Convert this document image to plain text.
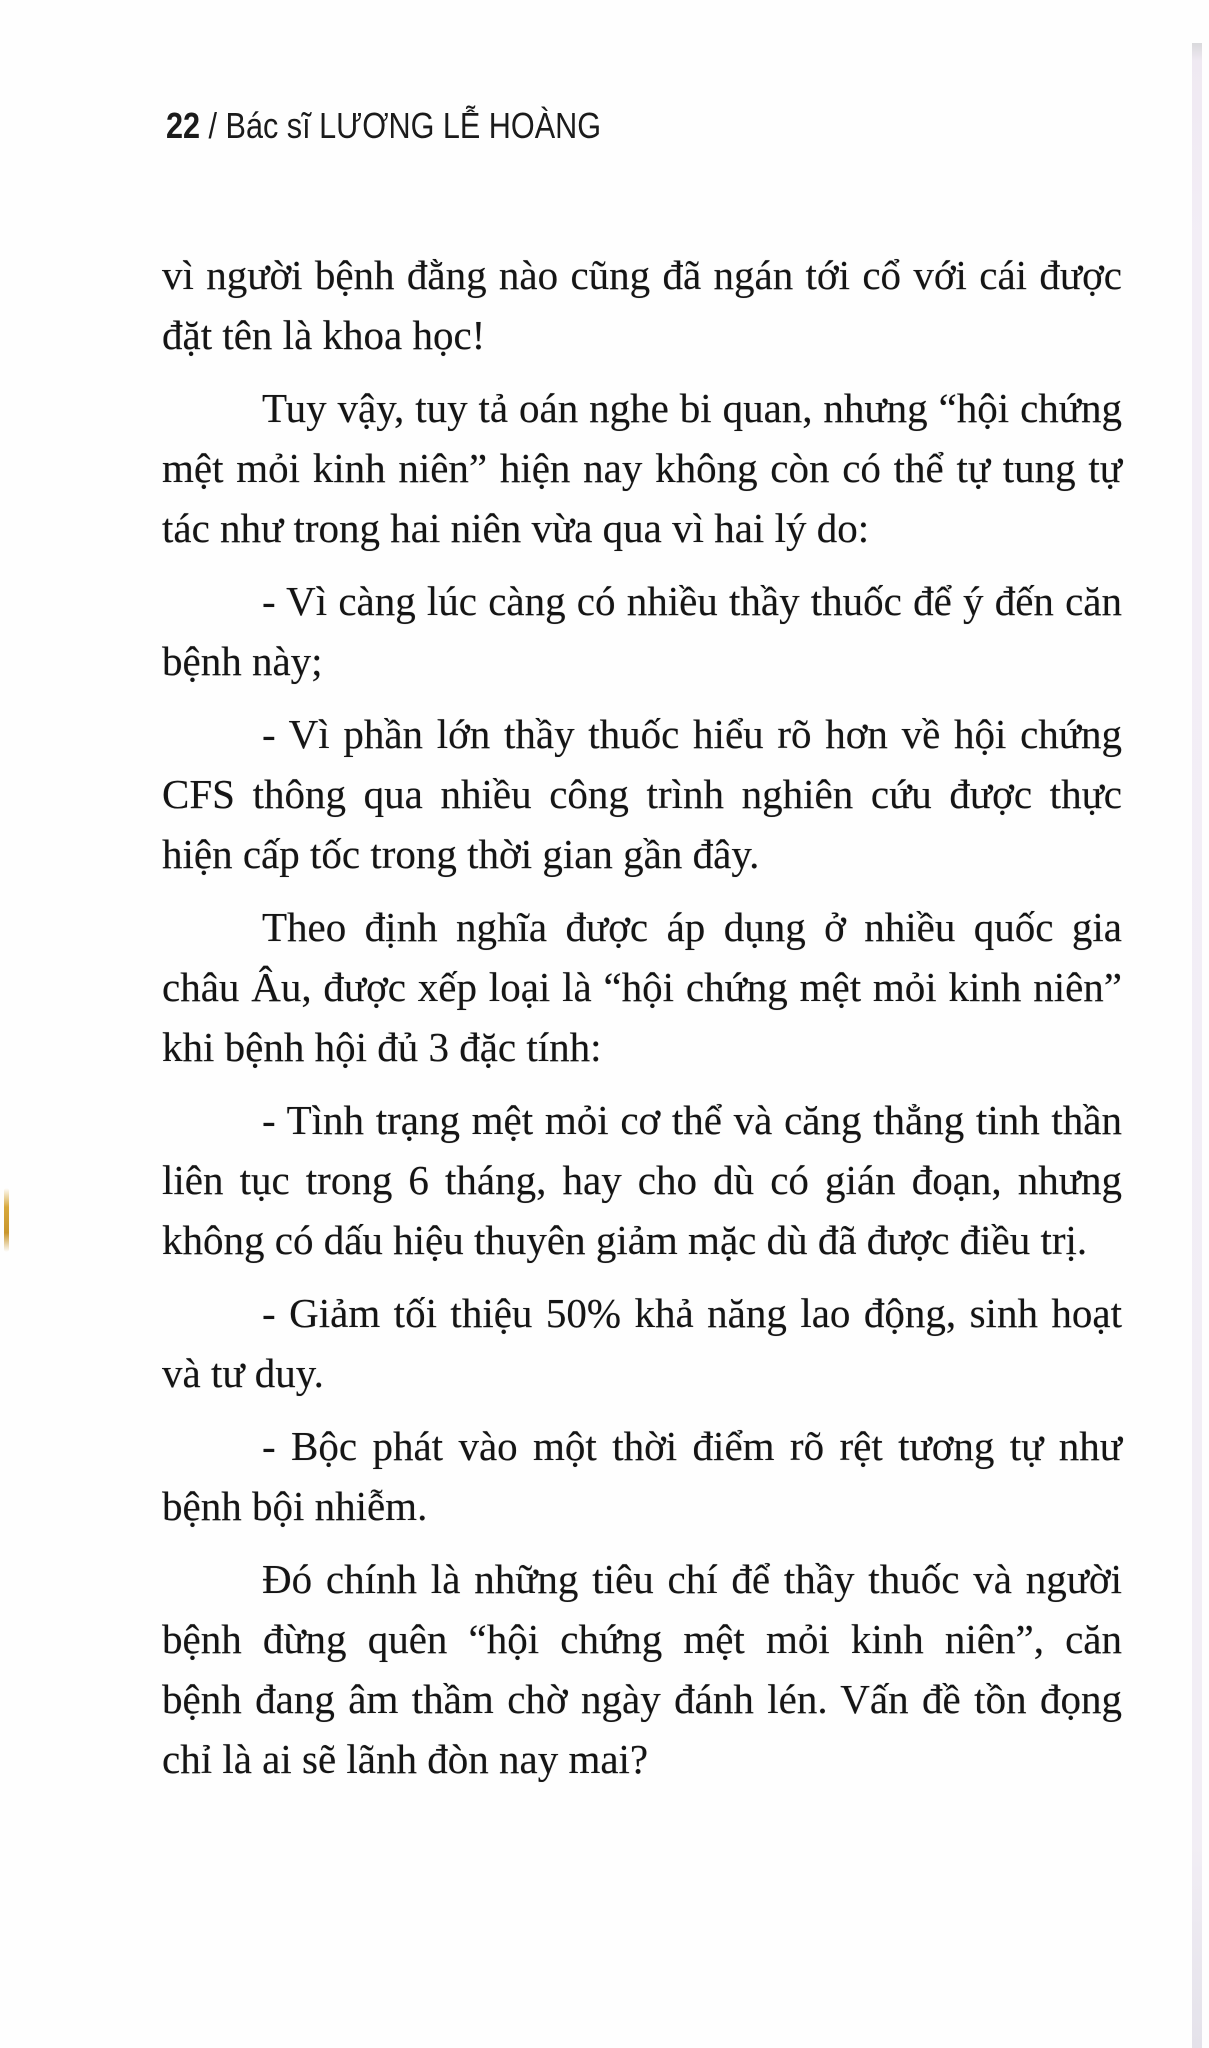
22 / Bác sĩ LƯƠNG LỄ HOÀNG
vì người bệnh đằng nào cũng đã ngán tới cổ với cái được
đặt tên là khoa học!
Tuy vậy, tuy tả oán nghe bi quan, nhưng “hội chứng
mệt mỏi kinh niên” hiện nay không còn có thể tự tung tự
tác như trong hai niên vừa qua vì hai lý do:
- Vì càng lúc càng có nhiều thầy thuốc để ý đến căn
bệnh này;
- Vì phần lớn thầy thuốc hiểu rõ hơn về hội chứng
CFS thông qua nhiều công trình nghiên cứu được thực
hiện cấp tốc trong thời gian gần đây.
Theo định nghĩa được áp dụng ở nhiều quốc gia
châu Âu, được xếp loại là “hội chứng mệt mỏi kinh niên”
khi bệnh hội đủ 3 đặc tính:
- Tình trạng mệt mỏi cơ thể và căng thẳng tinh thần
liên tục trong 6 tháng, hay cho dù có gián đoạn, nhưng
không có dấu hiệu thuyên giảm mặc dù đã được điều trị.
- Giảm tối thiệu 50% khả năng lao động, sinh hoạt
và tư duy.
- Bộc phát vào một thời điểm rõ rệt tương tự như
bệnh bội nhiễm.
Đó chính là những tiêu chí để thầy thuốc và người
bệnh đừng quên “hội chứng mệt mỏi kinh niên”, căn
bệnh đang âm thầm chờ ngày đánh lén. Vấn đề tồn đọng
chỉ là ai sẽ lãnh đòn nay mai?
